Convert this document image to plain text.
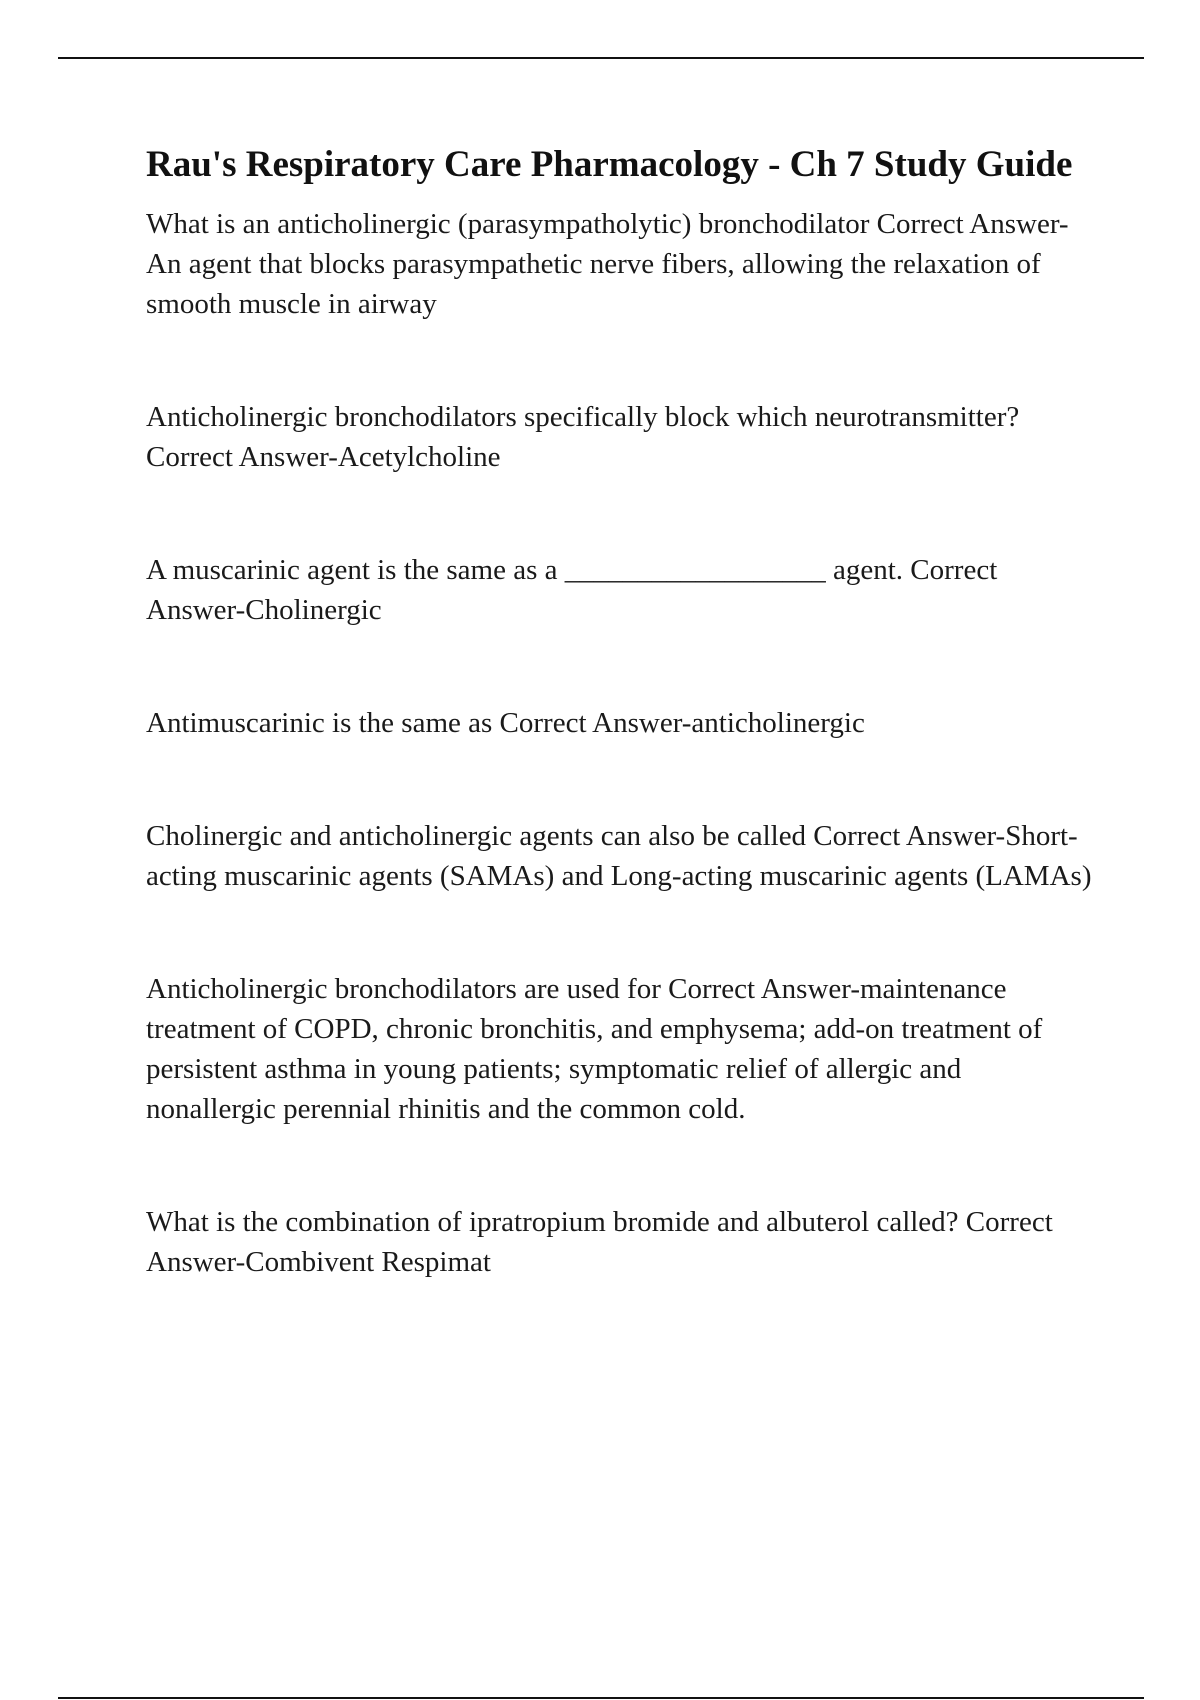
Rau's Respiratory Care Pharmacology - Ch 7 Study Guide

What is an anticholinergic (parasympatholytic) bronchodilator Correct Answer-An agent that blocks parasympathetic nerve fibers, allowing the relaxation of smooth muscle in airway

Anticholinergic bronchodilators specifically block which neurotransmitter? Correct Answer-Acetylcholine

A muscarinic agent is the same as a __________________ agent. Correct Answer-Cholinergic

Antimuscarinic is the same as Correct Answer-anticholinergic

Cholinergic and anticholinergic agents can also be called Correct Answer-Short-acting muscarinic agents (SAMAs) and Long-acting muscarinic agents (LAMAs)

Anticholinergic bronchodilators are used for Correct Answer-maintenance treatment of COPD, chronic bronchitis, and emphysema; add-on treatment of persistent asthma in young patients; symptomatic relief of allergic and nonallergic perennial rhinitis and the common cold.

What is the combination of ipratropium bromide and albuterol called? Correct Answer-Combivent Respimat
